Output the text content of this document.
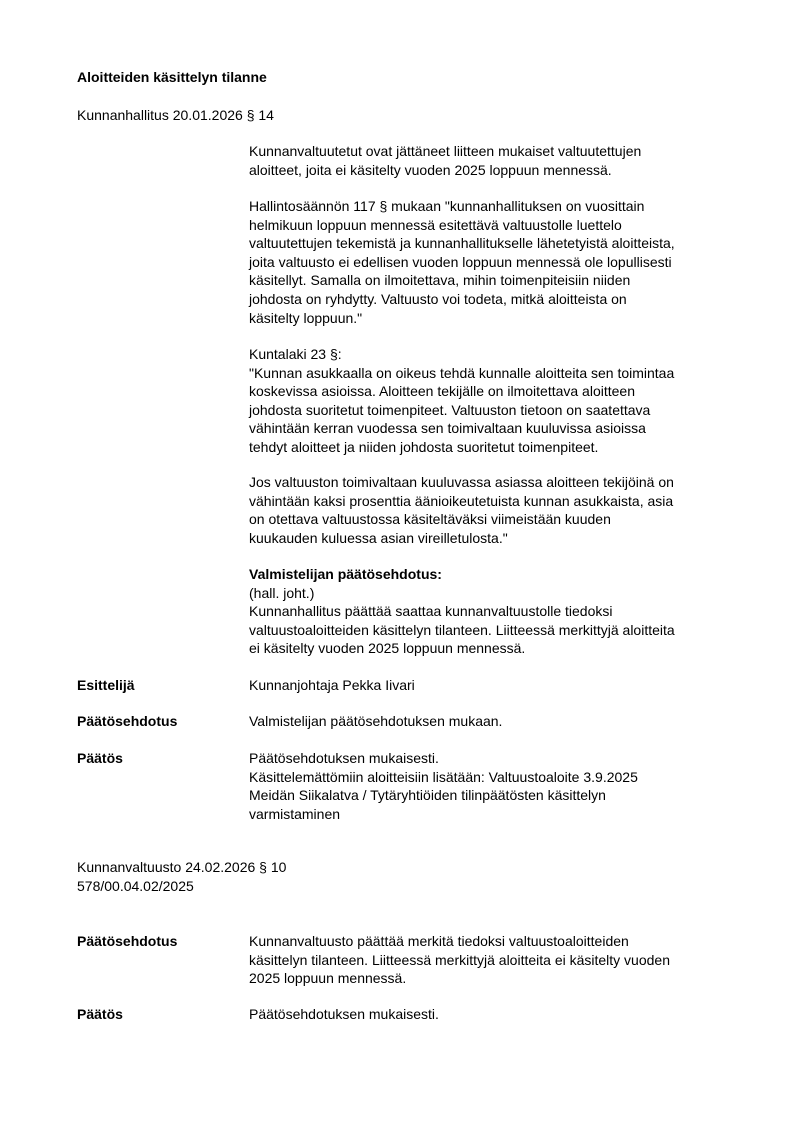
Aloitteiden käsittelyn tilanne
Kunnanhallitus 20.01.2026 § 14
Kunnanvaltuutetut ovat jättäneet liitteen mukaiset valtuutettujen
aloitteet, joita ei käsitelty vuoden 2025 loppuun mennessä.
Hallintosäännön 117 § mukaan "kunnanhallituksen on vuosittain
helmikuun loppuun mennessä esitettävä valtuustolle luettelo
valtuutettujen tekemistä ja kunnanhallitukselle lähetetyistä aloitteista,
joita valtuusto ei edellisen vuoden loppuun mennessä ole lopullisesti
käsitellyt. Samalla on ilmoitettava, mihin toimenpiteisiin niiden
johdosta on ryhdytty. Valtuusto voi todeta, mitkä aloitteista on
käsitelty loppuun."
Kuntalaki 23 §:
"Kunnan asukkaalla on oikeus tehdä kunnalle aloitteita sen toimintaa
koskevissa asioissa. Aloitteen tekijälle on ilmoitettava aloitteen
johdosta suoritetut toimenpiteet. Valtuuston tietoon on saatettava
vähintään kerran vuodessa sen toimivaltaan kuuluvissa asioissa
tehdyt aloitteet ja niiden johdosta suoritetut toimenpiteet.
Jos valtuuston toimivaltaan kuuluvassa asiassa aloitteen tekijöinä on
vähintään kaksi prosenttia äänioikeutetuista kunnan asukkaista, asia
on otettava valtuustossa käsiteltäväksi viimeistään kuuden
kuukauden kuluessa asian vireilletulosta."
Valmistelijan päätösehdotus:
(hall. joht.)
Kunnanhallitus päättää saattaa kunnanvaltuustolle tiedoksi
valtuustoaloitteiden käsittelyn tilanteen. Liitteessä merkittyjä aloitteita
ei käsitelty vuoden 2025 loppuun mennessä.
Esittelijä	Kunnanjohtaja Pekka Iivari
Päätösehdotus	Valmistelijan päätösehdotuksen mukaan.
Päätös	Päätösehdotuksen mukaisesti.
Käsittelemättömiin aloitteisiin lisätään: Valtuustoaloite 3.9.2025
Meidän Siikalatva / Tytäryhtiöiden tilinpäätösten käsittelyn
varmistaminen
Kunnanvaltuusto 24.02.2026 § 10
578/00.04.02/2025
Päätösehdotus	Kunnanvaltuusto päättää merkitä tiedoksi valtuustoaloitteiden
käsittelyn tilanteen. Liitteessä merkittyjä aloitteita ei käsitelty vuoden
2025 loppuun mennessä.
Päätös	Päätösehdotuksen mukaisesti.
